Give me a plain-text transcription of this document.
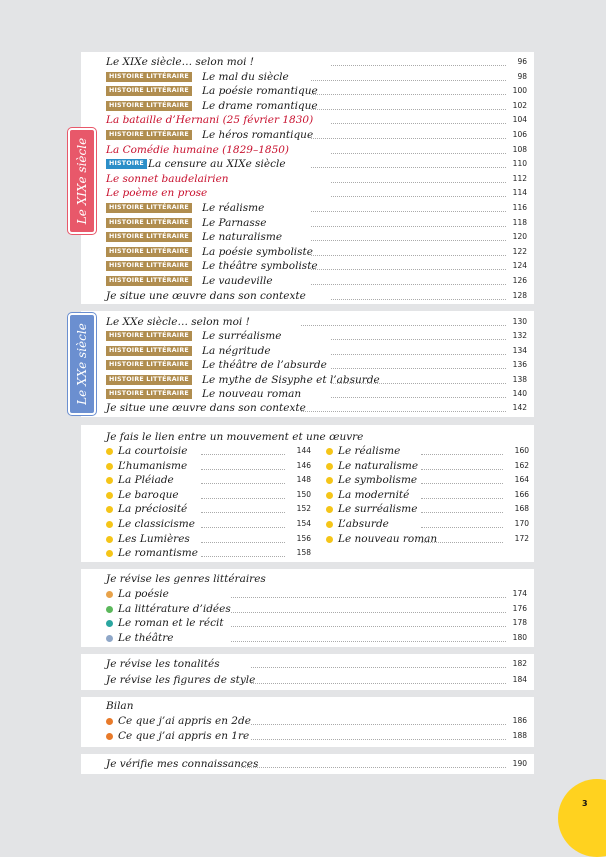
Le XIXe siècle… selon moi !	96
HISTOIRE LITTÉRAIRE Le mal du siècle	98
HISTOIRE LITTÉRAIRE La poésie romantique	100
HISTOIRE LITTÉRAIRE Le drame romantique	102
La bataille d’Hernani (25 février 1830)	104
HISTOIRE LITTÉRAIRE Le héros romantique	106
La Comédie humaine (1829–1850)	108
HISTOIRE La censure au XIXe siècle	110
Le sonnet baudelairien	112
Le poème en prose	114
HISTOIRE LITTÉRAIRE Le réalisme	116
HISTOIRE LITTÉRAIRE Le Parnasse	118
HISTOIRE LITTÉRAIRE Le naturalisme	120
HISTOIRE LITTÉRAIRE La poésie symboliste	122
HISTOIRE LITTÉRAIRE Le théâtre symboliste	124
HISTOIRE LITTÉRAIRE Le vaudeville	126
Je situe une œuvre dans son contexte	128
Le XIXe siècle
Le XXe siècle… selon moi !	130
HISTOIRE LITTÉRAIRE Le surréalisme	132
HISTOIRE LITTÉRAIRE La négritude	134
HISTOIRE LITTÉRAIRE Le théâtre de l’absurde	136
HISTOIRE LITTÉRAIRE Le mythe de Sisyphe et l’absurde	138
HISTOIRE LITTÉRAIRE Le nouveau roman	140
Je situe une œuvre dans son contexte	142
Le XXe siècle
Je fais le lien entre un mouvement et une œuvre
La courtoisie	144
L’humanisme	146
La Pléiade	148
Le baroque	150
La préciosité	152
Le classicisme	154
Les Lumières	156
Le romantisme	158
Le réalisme	160
Le naturalisme	162
Le symbolisme	164
La modernité	166
Le surréalisme	168
L’absurde	170
Le nouveau roman	172
Je révise les genres littéraires
La poésie	174
La littérature d’idées	176
Le roman et le récit	178
Le théâtre	180
Je révise les tonalités	182
Je révise les figures de style	184
Bilan
Ce que j’ai appris en 2de	186
Ce que j’ai appris en 1re	188
Je vérifie mes connaissances	190
3
